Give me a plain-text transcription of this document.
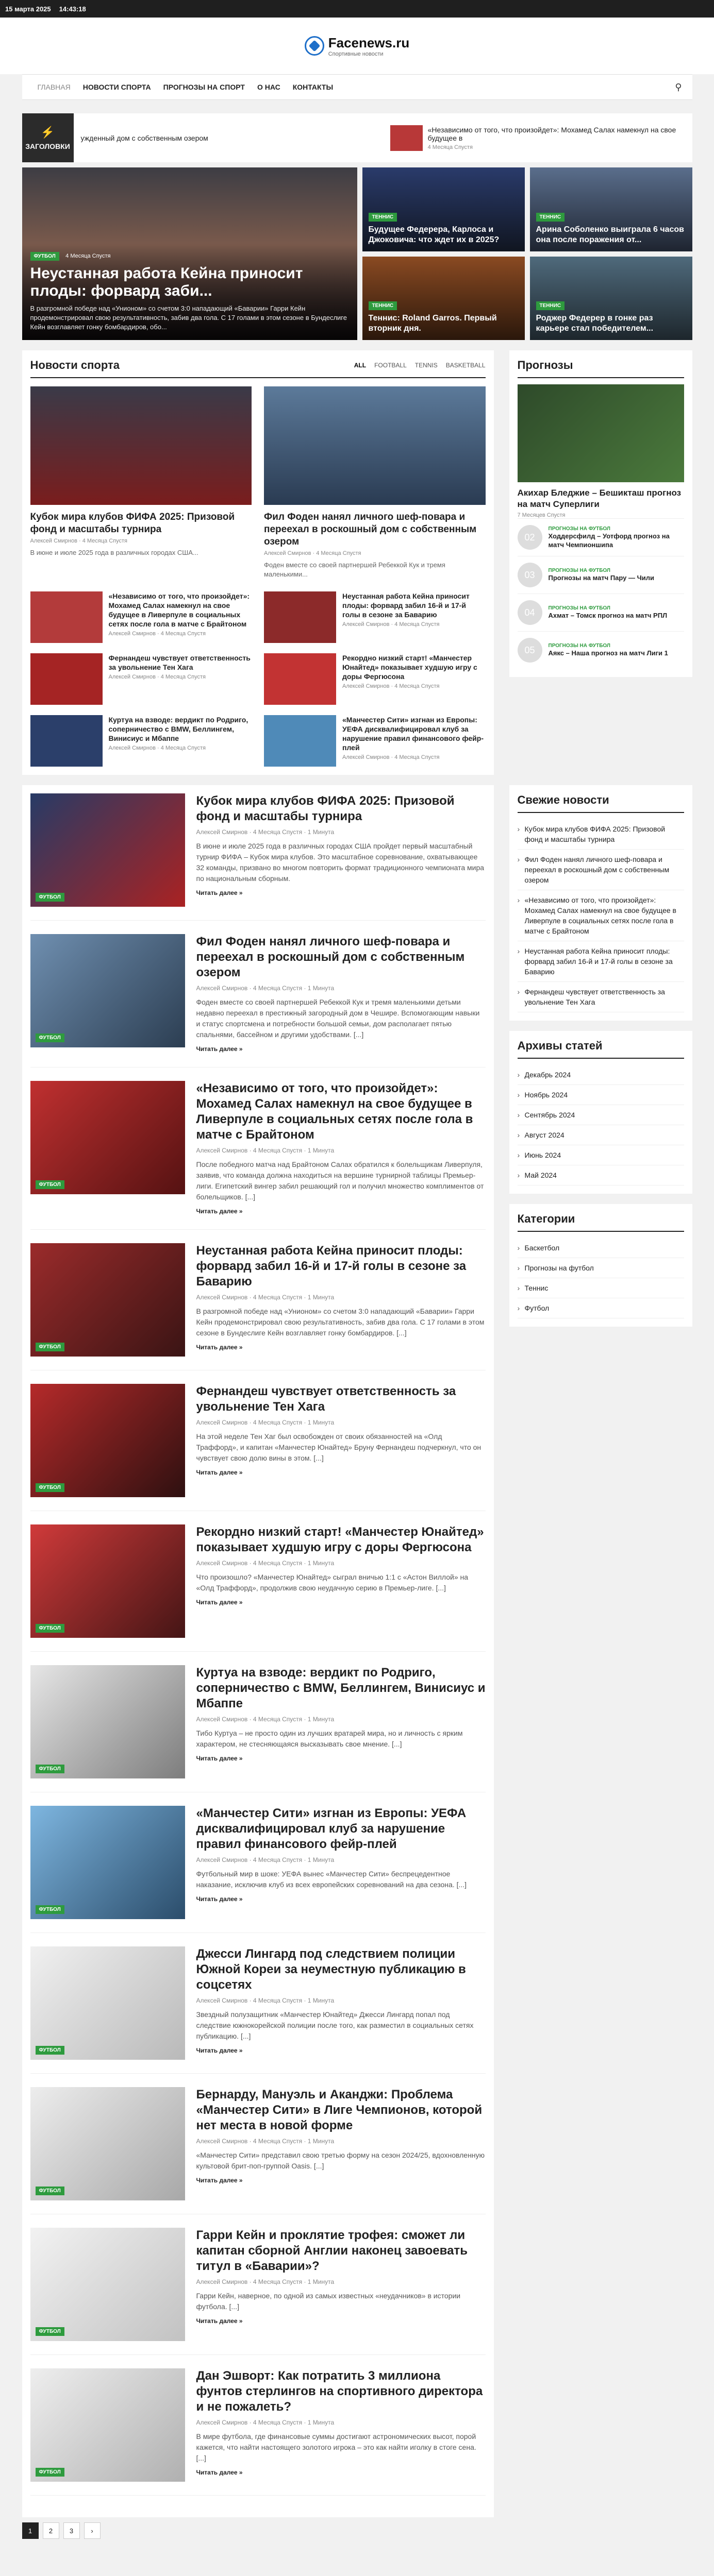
15 марта 2025 14:43:18
Facenews.ru
Спортивные новости
ГЛАВНАЯ НОВОСТИ СПОРТА ПРОГНОЗЫ НА СПОРТ О НАС КОНТАКТЫ	⚲
⚡
ЗАГОЛОВКИ
ужденный дом с собственным озером
«Независимо от того, что произойдет»: Мохамед Салах намекнул на свое будущее в
4 Месяца Спустя
ФУТБОЛ 4 Месяца Спустя
Неустанная работа Кейна приносит плоды: форвард заби...

В разгромной победе над «Унионом» со счетом 3:0 нападающий «Баварии» Гарри Кейн продемонстрировал свою результативность, забив два гола. С 17 голами в этом сезоне в Бундеслиге Кейн возглавляет гонку бомбардиров, обо...

ТЕННИС
Будущее Федерера, Карлоса и Джоковича: что ждет их в 2025?
ТЕННИС
Арина Соболенко выиграла 6 часов она после поражения от...
ТЕННИС
Теннис: Roland Garros. Первый вторник дня.
ТЕННИС
Роджер Федерер в гонке раз карьере стал победителем...
Новости спорта	ALL FOOTBALL TENNIS BASKETBALL
Кубок мира клубов ФИФА 2025: Призовой фонд и масштабы турнира
Алексей Смирнов · 4 Месяца Спустя

В июне и июле 2025 года в различных городах США...

Фил Фоден нанял личного шеф-повара и переехал в роскошный дом с собственным озером
Алексей Смирнов · 4 Месяца Спустя

Фоден вместе со своей партнершей Ребеккой Кук и тремя маленькими...

«Независимо от того, что произойдет»: Мохамед Салах намекнул на свое будущее в Ливерпуле в социальных сетях после гола в матче с Брайтоном
Алексей Смирнов · 4 Месяца Спустя
Неустанная работа Кейна приносит плоды: форвард забил 16-й и 17-й голы в сезоне за Баварию
Алексей Смирнов · 4 Месяца Спустя
Фернандеш чувствует ответственность за увольнение Тен Хага
Алексей Смирнов · 4 Месяца Спустя
Рекордно низкий старт! «Манчестер Юнайтед» показывает худшую игру с доры Фергюсона
Алексей Смирнов · 4 Месяца Спустя
Куртуа на взводе: вердикт по Родриго, соперничество с BMW, Беллингем, Винисиус и Мбаппе
Алексей Смирнов · 4 Месяца Спустя
«Манчестер Сити» изгнан из Европы: УЕФА дисквалифицировал клуб за нарушение правил финансового фейр-плей
Алексей Смирнов · 4 Месяца Спустя
Прогнозы
Акихар Бледжие – Бешикташ прогноз на матч Суперлиги
7 Месяцев Спустя
02
ПРОГНОЗЫ НА ФУТБОЛ
Ходдерсфилд – Уотфорд прогноз на матч Чемпионшипа
03	ПРОГНОЗЫ НА ФУТБОЛ
Прогнозы на матч Пару — Чили
04	ПРОГНОЗЫ НА ФУТБОЛ
Ахмат – Томск прогноз на матч РПЛ
05	ПРОГНОЗЫ НА ФУТБОЛ
Аякс – Наша прогноз на матч Лиги 1
ФУТБОЛ
Кубок мира клубов ФИФА 2025: Призовой фонд и масштабы турнира
Алексей Смирнов · 4 Месяца Спустя · 1 Минута

В июне и июле 2025 года в различных городах США пройдет первый масштабный турнир ФИФА – Кубок мира клубов. Это масштабное соревнование, охватывающее 32 команды, призвано во многом повторить формат традиционного чемпионата мира по национальным сборным.

Читать далее »
ФУТБОЛ
Фил Фоден нанял личного шеф-повара и переехал в роскошный дом с собственным озером
Алексей Смирнов · 4 Месяца Спустя · 1 Минута

Фоден вместе со своей партнершей Ребеккой Кук и тремя маленькими детьми недавно переехал в престижный загородный дом в Чешире. Вспомогающим навыки и статус спортсмена и потребности большой семьи, дом располагает пятью спальнями, бассейном и другими удобствами. [...]

Читать далее »
ФУТБОЛ
«Независимо от того, что произойдет»: Мохамед Салах намекнул на свое будущее в Ливерпуле в социальных сетях после гола в матче с Брайтоном
Алексей Смирнов · 4 Месяца Спустя · 1 Минута

После победного матча над Брайтоном Салах обратился к болельщикам Ливерпуля, заявив, что команда должна находиться на вершине турнирной таблицы Премьер-лиги. Египетский вингер забил решающий гол и получил множество комплиментов от болельщиков. [...]

Читать далее »
ФУТБОЛ
Неустанная работа Кейна приносит плоды: форвард забил 16-й и 17-й голы в сезоне за Баварию
Алексей Смирнов · 4 Месяца Спустя · 1 Минута

В разгромной победе над «Унионом» со счетом 3:0 нападающий «Баварии» Гарри Кейн продемонстрировал свою результативность, забив два гола. С 17 голами в этом сезоне в Бундеслиге Кейн возглавляет гонку бомбардиров. [...]

Читать далее »
ФУТБОЛ
Фернандеш чувствует ответственность за увольнение Тен Хага
Алексей Смирнов · 4 Месяца Спустя · 1 Минута

На этой неделе Тен Хаг был освобожден от своих обязанностей на «Олд Траффорд», и капитан «Манчестер Юнайтед» Бруну Фернандеш подчеркнул, что он чувствует свою долю вины в этом. [...]

Читать далее »
ФУТБОЛ
Рекордно низкий старт! «Манчестер Юнайтед» показывает худшую игру с доры Фергюсона
Алексей Смирнов · 4 Месяца Спустя · 1 Минута

Что произошло? «Манчестер Юнайтед» сыграл вничью 1:1 с «Астон Виллой» на «Олд Траффорд», продолжив свою неудачную серию в Премьер-лиге. [...]

Читать далее »
ФУТБОЛ
Куртуа на взводе: вердикт по Родриго, соперничество с BMW, Беллингем, Винисиус и Мбаппе
Алексей Смирнов · 4 Месяца Спустя · 1 Минута

Тибо Куртуа – не просто один из лучших вратарей мира, но и личность с ярким характером, не стесняющаяся высказывать свое мнение. [...]

Читать далее »
ФУТБОЛ
«Манчестер Сити» изгнан из Европы: УЕФА дисквалифицировал клуб за нарушение правил финансового фейр-плей
Алексей Смирнов · 4 Месяца Спустя · 1 Минута

Футбольный мир в шоке: УЕФА вынес «Манчестер Сити» беспрецедентное наказание, исключив клуб из всех европейских соревнований на два сезона. [...]

Читать далее »
ФУТБОЛ
Джесси Лингард под следствием полиции Южной Кореи за неуместную публикацию в соцсетях
Алексей Смирнов · 4 Месяца Спустя · 1 Минута

Звездный полузащитник «Манчестер Юнайтед» Джесси Лингард попал под следствие южнокорейской полиции после того, как разместил в социальных сетях публикацию. [...]

Читать далее »
ФУТБОЛ
Бернарду, Мануэль и Аканджи: Проблема «Манчестер Сити» в Лиге Чемпионов, которой нет места в новой форме
Алексей Смирнов · 4 Месяца Спустя · 1 Минута

«Манчестер Сити» представил свою третью форму на сезон 2024/25, вдохновленную культовой брит-поп-группой Oasis. [...]

Читать далее »
ФУТБОЛ
Гарри Кейн и проклятие трофея: сможет ли капитан сборной Англии наконец завоевать титул в «Баварии»?
Алексей Смирнов · 4 Месяца Спустя · 1 Минута

Гарри Кейн, наверное, по одной из самых известных «неудачников» в истории футбола. [...]

Читать далее »
ФУТБОЛ
Дан Эшворт: Как потратить 3 миллиона фунтов стерлингов на спортивного директора и не пожалеть?
Алексей Смирнов · 4 Месяца Спустя · 1 Минута

В мире футбола, где финансовые суммы достигают астрономических высот, порой кажется, что найти настоящего золотого игрока – это как найти иголку в стоге сена. [...]

Читать далее »
1	2	3	›
Свежие новости
› Кубок мира клубов ФИФА 2025: Призовой фонд и масштабы турнира
› Фил Фоден нанял личного шеф-повара и переехал в роскошный дом с собственным озером
› «Независимо от того, что произойдет»: Мохамед Салах намекнул на свое будущее в Ливерпуле в социальных сетях после гола в матче с Брайтоном
› Неустанная работа Кейна приносит плоды: форвард забил 16-й и 17-й голы в сезоне за Баварию
› Фернандеш чувствует ответственность за увольнение Тен Хага
Архивы статей
› Декабрь 2024
› Ноябрь 2024
› Сентябрь 2024
› Август 2024
› Июнь 2024
› Май 2024
Категории
› Баскетбол
› Прогнозы на футбол
› Теннис
› Футбол
